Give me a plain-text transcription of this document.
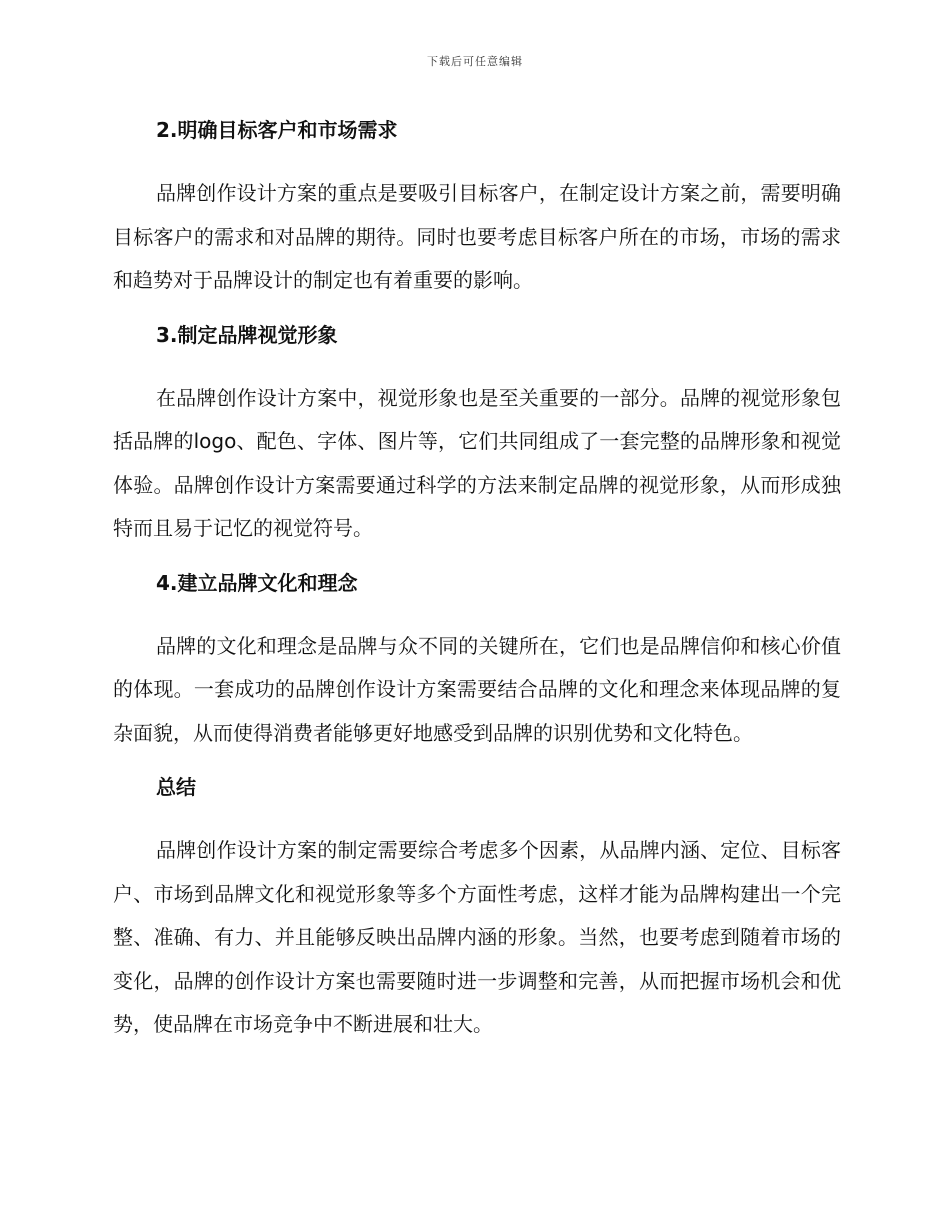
下载后可任意编辑
2.明确目标客户和市场需求

品牌创作设计方案的重点是要吸引目标客户，在制定设计方案之前，需要明确目标客户的需求和对品牌的期待。同时也要考虑目标客户所在的市场，市场的需求和趋势对于品牌设计的制定也有着重要的影响。

3.制定品牌视觉形象

在品牌创作设计方案中，视觉形象也是至关重要的一部分。品牌的视觉形象包括品牌的logo、配色、字体、图片等，它们共同组成了一套完整的品牌形象和视觉体验。品牌创作设计方案需要通过科学的方法来制定品牌的视觉形象，从而形成独特而且易于记忆的视觉符号。

4.建立品牌文化和理念

品牌的文化和理念是品牌与众不同的关键所在，它们也是品牌信仰和核心价值的体现。一套成功的品牌创作设计方案需要结合品牌的文化和理念来体现品牌的复杂面貌，从而使得消费者能够更好地感受到品牌的识别优势和文化特色。

总结

品牌创作设计方案的制定需要综合考虑多个因素，从品牌内涵、定位、目标客户、市场到品牌文化和视觉形象等多个方面性考虑，这样才能为品牌构建出一个完整、准确、有力、并且能够反映出品牌内涵的形象。当然，也要考虑到随着市场的变化，品牌的创作设计方案也需要随时进一步调整和完善，从而把握市场机会和优势，使品牌在市场竞争中不断进展和壮大。
